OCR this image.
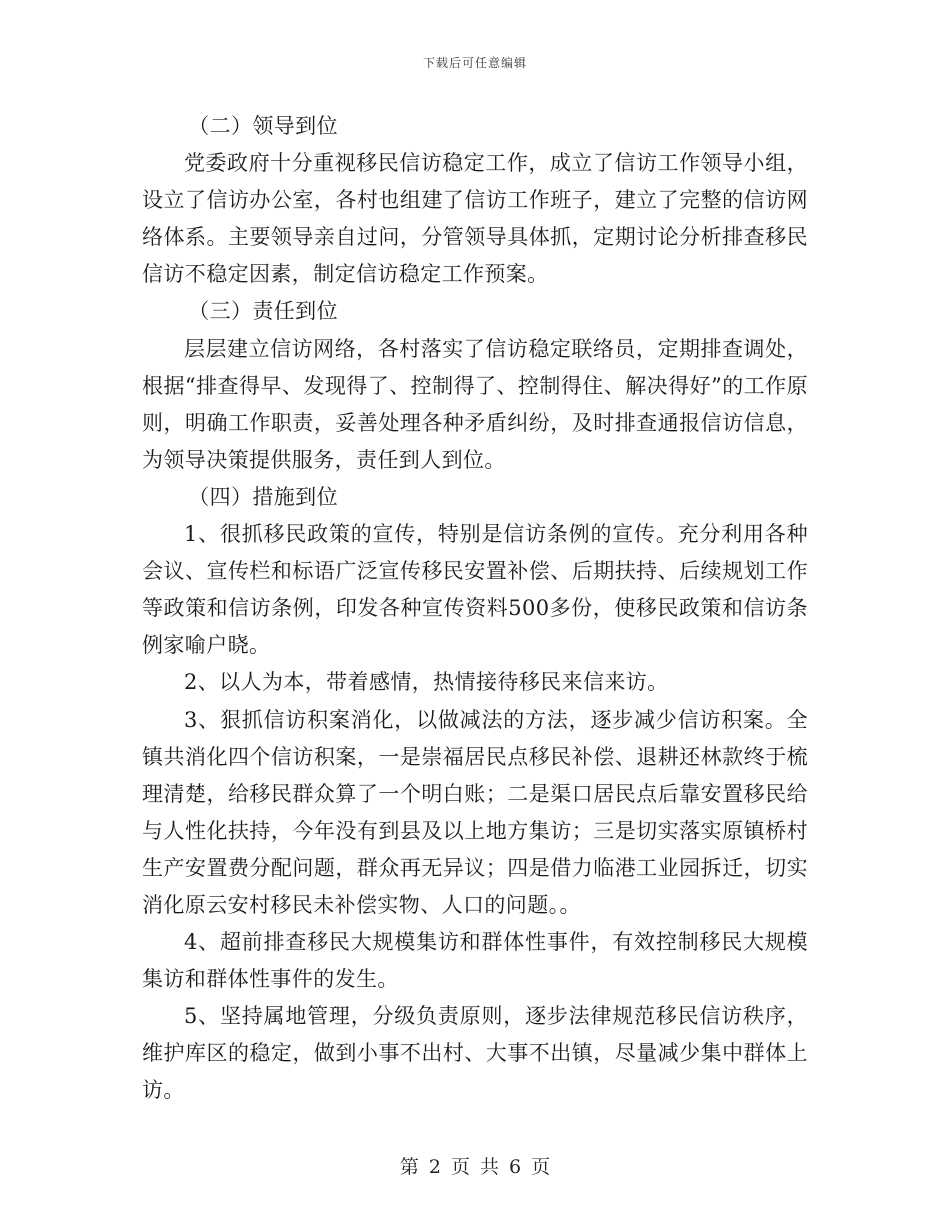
下载后可任意编辑

（二）领导到位

党委政府十分重视移民信访稳定工作，成立了信访工作领导小组，设立了信访办公室，各村也组建了信访工作班子，建立了完整的信访网络体系。主要领导亲自过问，分管领导具体抓，定期讨论分析排查移民信访不稳定因素，制定信访稳定工作预案。

（三）责任到位

层层建立信访网络，各村落实了信访稳定联络员，定期排查调处，根据“排查得早、发现得了、控制得了、控制得住、解决得好”的工作原则，明确工作职责，妥善处理各种矛盾纠纷，及时排查通报信访信息，为领导决策提供服务，责任到人到位。

（四）措施到位

1、很抓移民政策的宣传，特别是信访条例的宣传。充分利用各种会议、宣传栏和标语广泛宣传移民安置补偿、后期扶持、后续规划工作等政策和信访条例，印发各种宣传资料500多份，使移民政策和信访条例家喻户晓。

2、以人为本，带着感情，热情接待移民来信来访。

3、狠抓信访积案消化，以做减法的方法，逐步减少信访积案。全镇共消化四个信访积案，一是崇福居民点移民补偿、退耕还林款终于梳理清楚，给移民群众算了一个明白账；二是渠口居民点后靠安置移民给与人性化扶持，今年没有到县及以上地方集访；三是切实落实原镇桥村生产安置费分配问题，群众再无异议；四是借力临港工业园拆迁，切实消化原云安村移民未补偿实物、人口的问题。。

4、超前排查移民大规模集访和群体性事件，有效控制移民大规模集访和群体性事件的发生。

5、坚持属地管理，分级负责原则，逐步法律规范移民信访秩序，维护库区的稳定，做到小事不出村、大事不出镇，尽量减少集中群体上访。

第 2 页 共 6 页
